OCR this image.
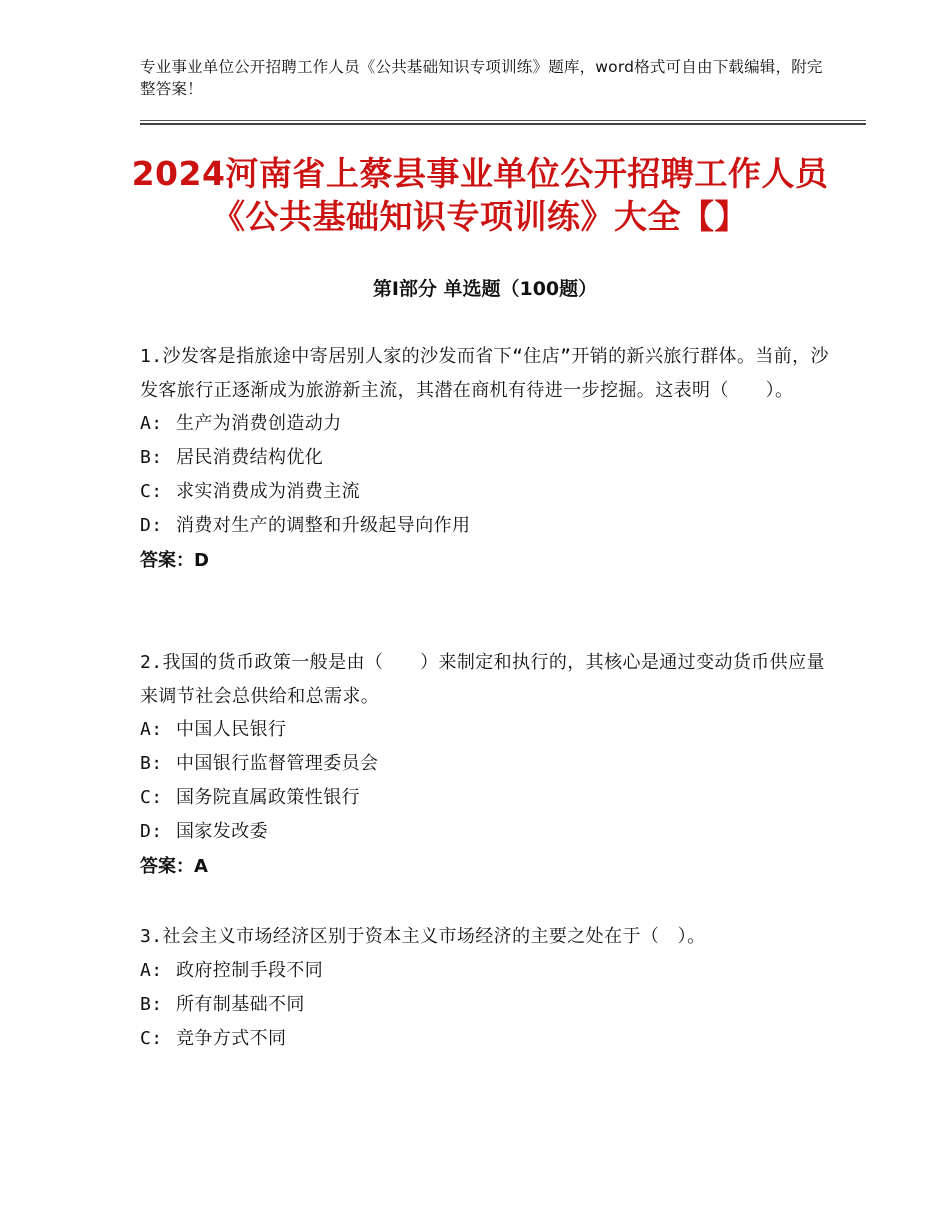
专业事业单位公开招聘工作人员《公共基础知识专项训练》题库，word格式可自由下载编辑，附完整答案！
2024河南省上蔡县事业单位公开招聘工作人员《公共基础知识专项训练》大全【】
第Ⅰ部分 单选题（100题）

1.沙发客是指旅途中寄居别人家的沙发而省下“住店”开销的新兴旅行群体。当前，沙发客旅行正逐渐成为旅游新主流，其潜在商机有待进一步挖掘。这表明（　　）。

A: 生产为消费创造动力
B: 居民消费结构优化
C: 求实消费成为消费主流
D: 消费对生产的调整和升级起导向作用

答案：D

2.我国的货币政策一般是由（　　）来制定和执行的，其核心是通过变动货币供应量来调节社会总供给和总需求。

A: 中国人民银行
B: 中国银行监督管理委员会
C: 国务院直属政策性银行
D: 国家发改委

答案：A

3.社会主义市场经济区别于资本主义市场经济的主要之处在于（　）。

A: 政府控制手段不同
B: 所有制基础不同
C: 竞争方式不同
